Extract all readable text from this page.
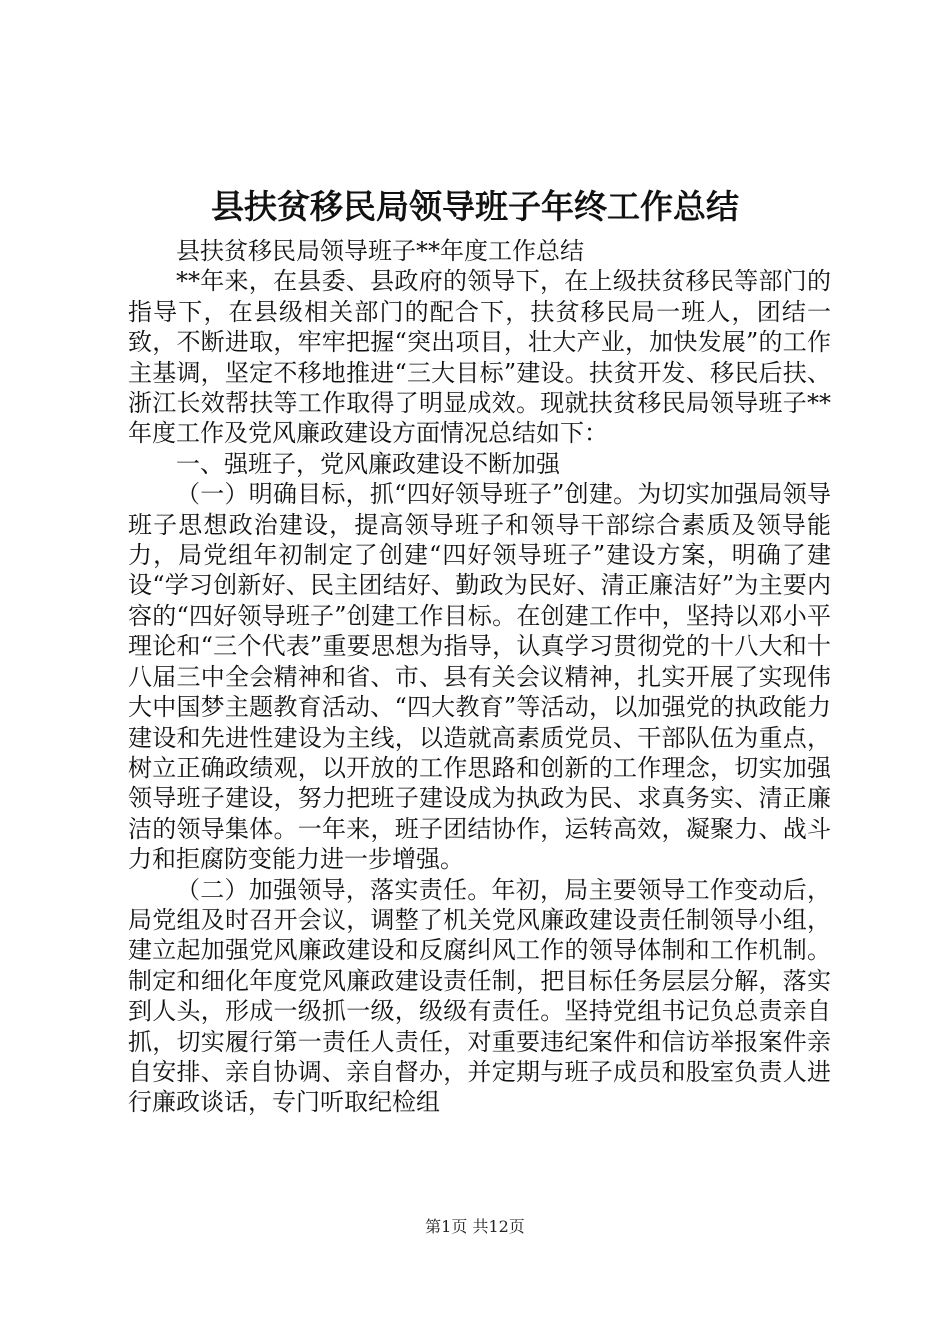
县扶贫移民局领导班子年终工作总结

县扶贫移民局领导班子**年度工作总结

**年来，在县委、县政府的领导下，在上级扶贫移民等部门的指导下，在县级相关部门的配合下，扶贫移民局一班人，团结一致，不断进取，牢牢把握“突出项目，壮大产业，加快发展”的工作主基调，坚定不移地推进“三大目标”建设。扶贫开发、移民后扶、浙江长效帮扶等工作取得了明显成效。现就扶贫移民局领导班子**年度工作及党风廉政建设方面情况总结如下：

一、强班子，党风廉政建设不断加强

（一）明确目标，抓“四好领导班子”创建。为切实加强局领导班子思想政治建设，提高领导班子和领导干部综合素质及领导能力，局党组年初制定了创建“四好领导班子”建设方案，明确了建设“学习创新好、民主团结好、勤政为民好、清正廉洁好”为主要内容的“四好领导班子”创建工作目标。在创建工作中，坚持以邓小平理论和“三个代表”重要思想为指导，认真学习贯彻党的十八大和十八届三中全会精神和省、市、县有关会议精神，扎实开展了实现伟大中国梦主题教育活动、“四大教育”等活动，以加强党的执政能力建设和先进性建设为主线，以造就高素质党员、干部队伍为重点，树立正确政绩观，以开放的工作思路和创新的工作理念，切实加强领导班子建设，努力把班子建设成为执政为民、求真务实、清正廉洁的领导集体。一年来，班子团结协作，运转高效，凝聚力、战斗力和拒腐防变能力进一步增强。

（二）加强领导，落实责任。年初，局主要领导工作变动后，局党组及时召开会议，调整了机关党风廉政建设责任制领导小组，建立起加强党风廉政建设和反腐纠风工作的领导体制和工作机制。制定和细化年度党风廉政建设责任制，把目标任务层层分解，落实到人头，形成一级抓一级，级级有责任。坚持党组书记负总责亲自抓，切实履行第一责任人责任，对重要违纪案件和信访举报案件亲自安排、亲自协调、亲自督办，并定期与班子成员和股室负责人进行廉政谈话，专门听取纪检组

第1页 共12页
